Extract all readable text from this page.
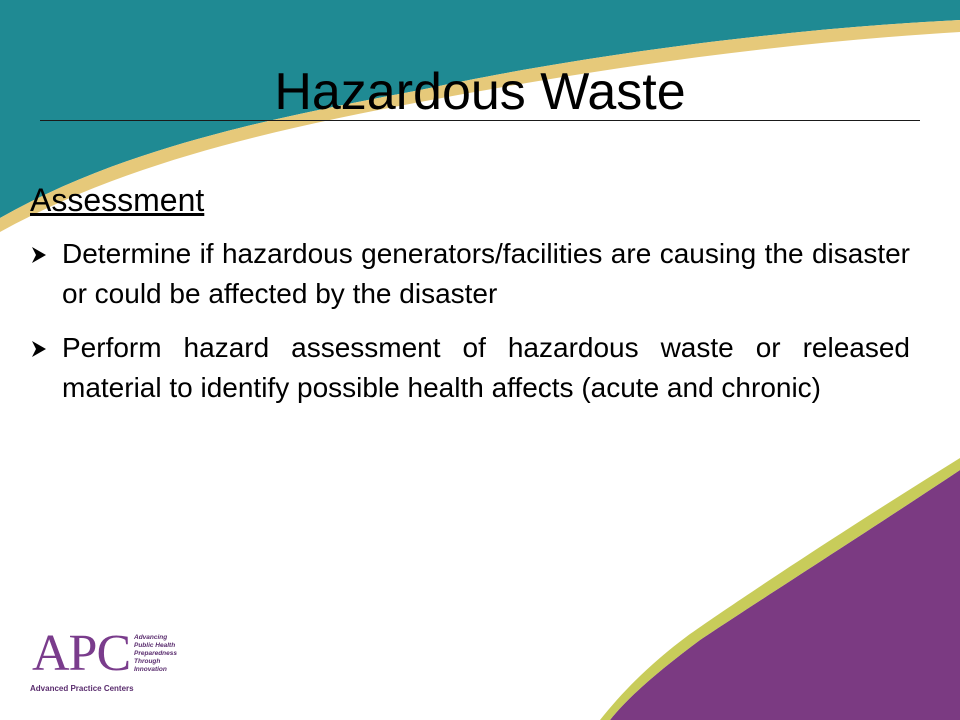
Hazardous Waste
Assessment
Determine if hazardous generators/facilities are causing the disaster or could be affected by the disaster
Perform hazard assessment of hazardous waste or released material to identify possible health affects (acute and chronic)
APC Advancing
Public Health
Preparedness
Through
Innovation
Advanced Practice Centers
